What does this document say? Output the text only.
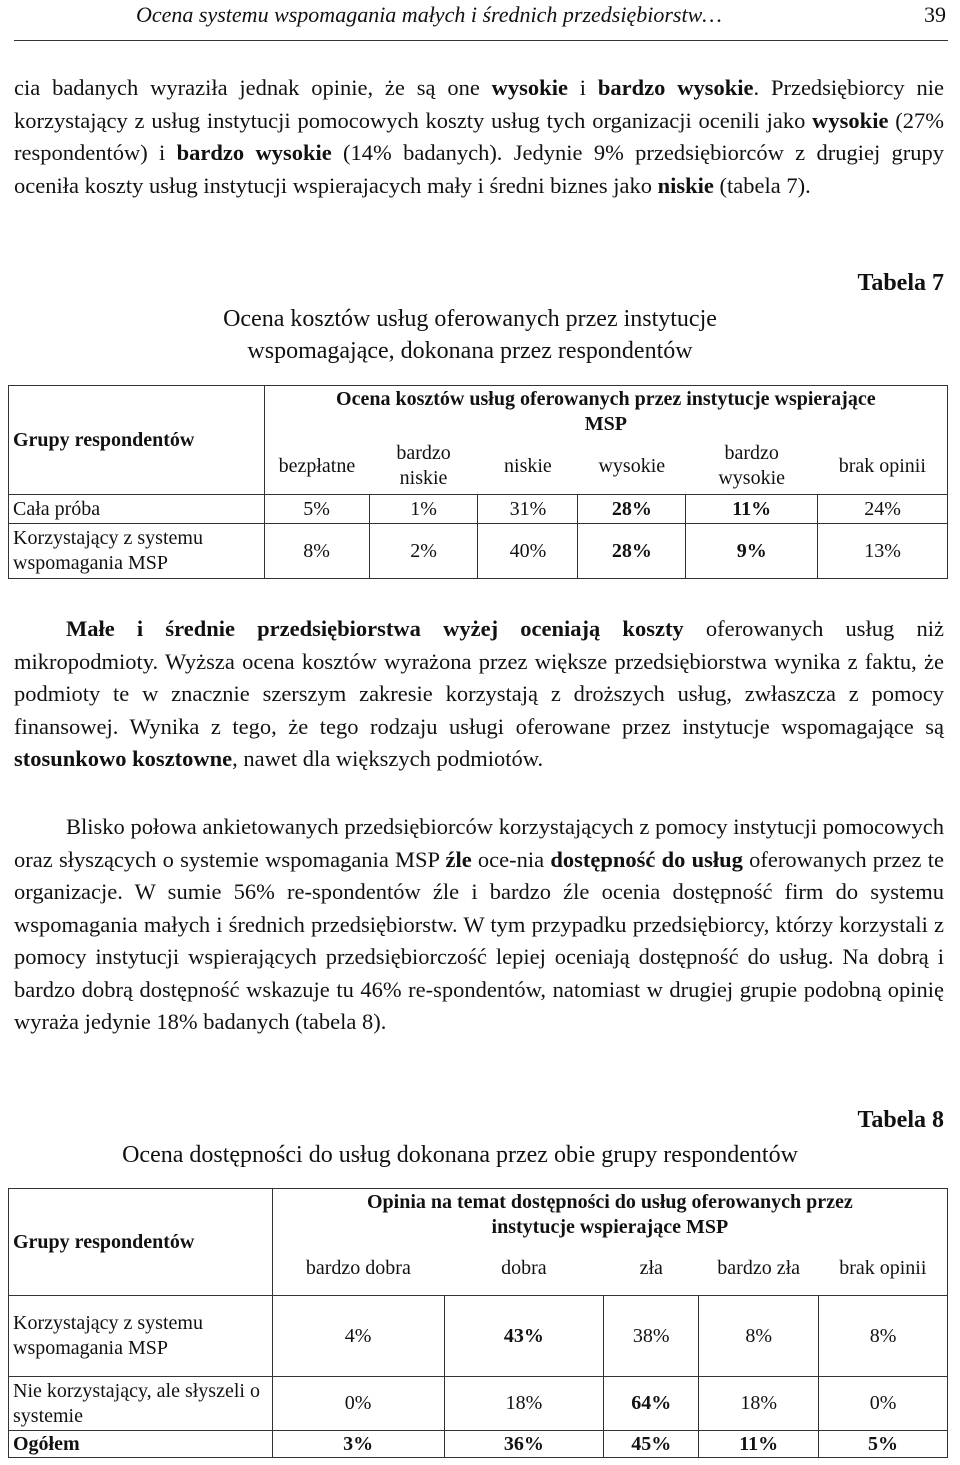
Ocena systemu wspomagania małych i średnich przedsiębiorstw…	39

cia badanych wyraziła jednak opinie, że są one wysokie i bardzo wysokie. Przedsiębiorcy nie korzystający z usług instytucji pomocowych koszty usług tych organizacji ocenili jako wysokie (27% respondentów) i bardzo wysokie (14% badanych). Jedynie 9% przedsiębiorców z drugiej grupy oceniła koszty usług instytucji wspierajacych mały i średni biznes jako niskie (tabela 7).

Tabela 7
Ocena kosztów usług oferowanych przez instytucje
wspomagające, dokonana przez respondentów
Grupy respondentów	Ocena kosztów usług oferowanych przez instytucje wspierające MSP					
	bezpłatne	bardzo niskie	niskie	wysokie	bardzo wysokie	brak opinii
Cała próba	5%	1%	31%	28%	11%	24%
Korzystający z systemu wspomagania MSP	8%	2%	40%	28%	9%	13%

Małe i średnie przedsiębiorstwa wyżej oceniają koszty oferowanych usług niż mikropodmioty. Wyższa ocena kosztów wyrażona przez większe przedsiębiorstwa wynika z faktu, że podmioty te w znacznie szerszym zakresie korzystają z droższych usług, zwłaszcza z pomocy finansowej. Wynika z tego, że tego rodzaju usługi oferowane przez instytucje wspomagające są stosunkowo kosztowne, nawet dla większych podmiotów.

Blisko połowa ankietowanych przedsiębiorców korzystających z pomocy instytucji pomocowych oraz słyszących o systemie wspomagania MSP źle oce-nia dostępność do usług oferowanych przez te organizacje. W sumie 56% re-spondentów źle i bardzo źle ocenia dostępność firm do systemu wspomagania małych i średnich przedsiębiorstw. W tym przypadku przedsiębiorcy, którzy korzystali z pomocy instytucji wspierających przedsiębiorczość lepiej oceniają dostępność do usług. Na dobrą i bardzo dobrą dostępność wskazuje tu 46% re-spondentów, natomiast w drugiej grupie podobną opinię wyraża jedynie 18% badanych (tabela 8).

Tabela 8
Ocena dostępności do usług dokonana przez obie grupy respondentów
Grupy respondentów	Opinia na temat dostępności do usług oferowanych przez instytucje wspierające MSP				
	bardzo dobra	dobra	zła	bardzo zła	brak opinii
Korzystający z systemu wspomagania MSP	4%	43%	38%	8%	8%
Nie korzystający, ale słyszeli o systemie	0%	18%	64%	18%	0%
Ogółem	3%	36%	45%	11%	5%
